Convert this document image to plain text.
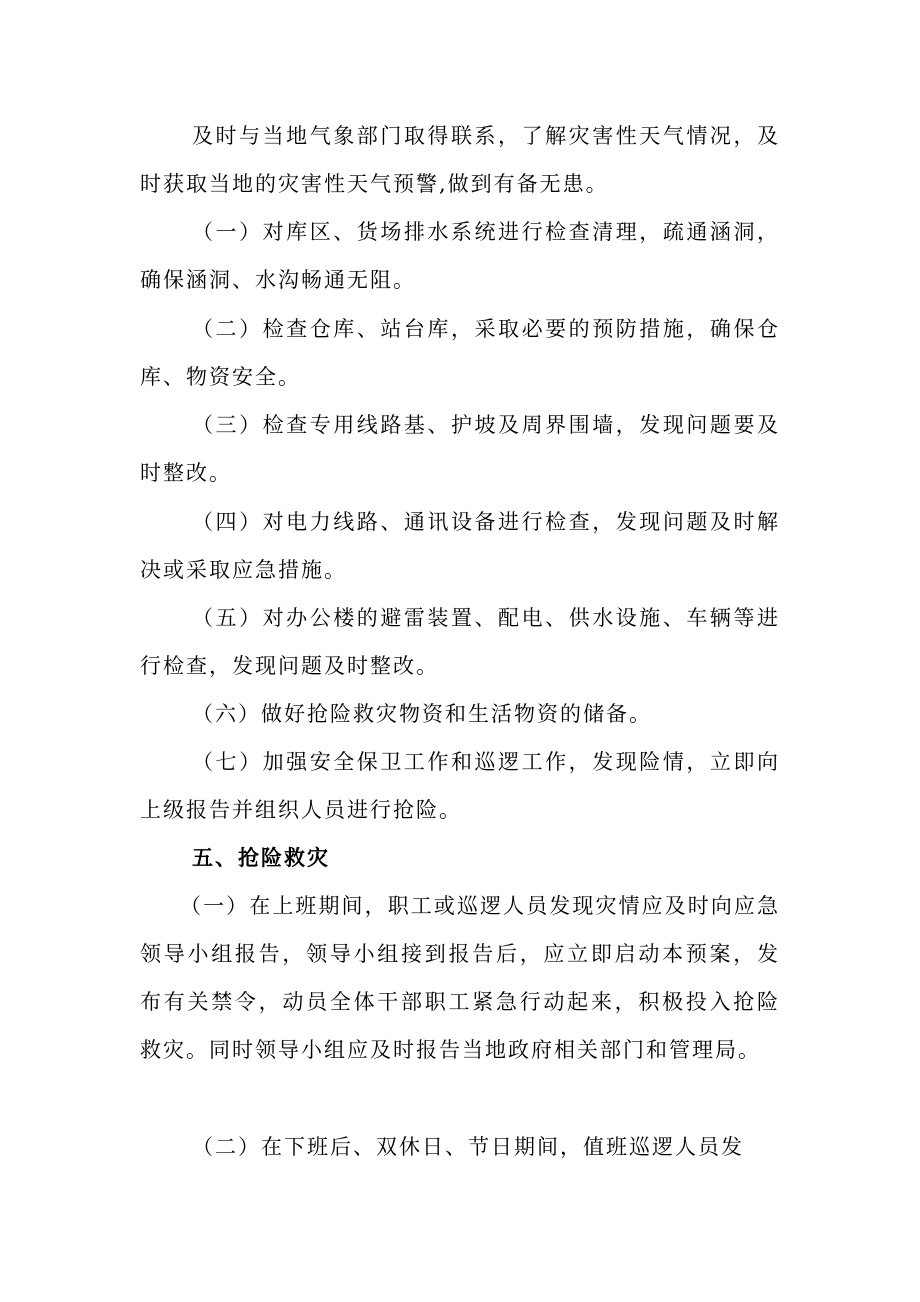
及时与当地气象部门取得联系，了解灾害性天气情况，及时获取当地的灾害性天气预警,做到有备无患。

（一）对库区、货场排水系统进行检查清理，疏通涵洞，确保涵洞、水沟畅通无阻。

（二）检查仓库、站台库，采取必要的预防措施，确保仓库、物资安全。

（三）检查专用线路基、护坡及周界围墙，发现问题要及时整改。

（四）对电力线路、通讯设备进行检查，发现问题及时解决或采取应急措施。

（五）对办公楼的避雷装置、配电、供水设施、车辆等进行检查，发现问题及时整改。

（六）做好抢险救灾物资和生活物资的储备。

（七）加强安全保卫工作和巡逻工作，发现险情，立即向上级报告并组织人员进行抢险。

五、抢险救灾

（一）在上班期间，职工或巡逻人员发现灾情应及时向应急领导小组报告，领导小组接到报告后，应立即启动本预案，发布有关禁令，动员全体干部职工紧急行动起来，积极投入抢险救灾。同时领导小组应及时报告当地政府相关部门和管理局。

（二）在下班后、双休日、节日期间，值班巡逻人员发
